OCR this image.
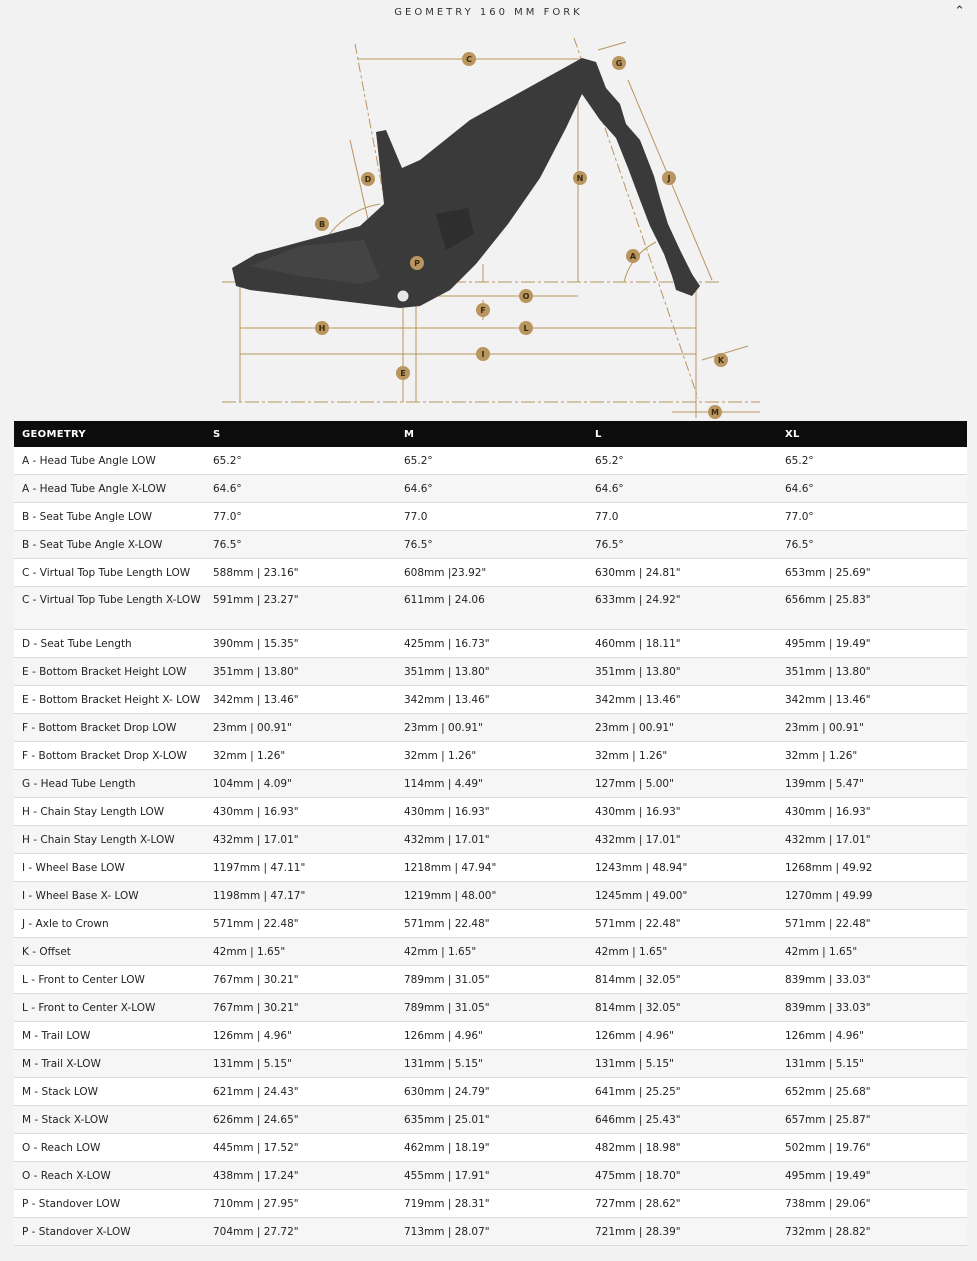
GEOMETRY 160 MM FORK	⌃
C	G
D
B
N	J
P
A
O
F
H	L
I
K
E
M
GEOMETRY	S	M	L	XL
A - Head Tube Angle LOW	65.2°	65.2°	65.2°	65.2°
A - Head Tube Angle X-LOW	64.6°	64.6°	64.6°	64.6°
B - Seat Tube Angle LOW	77.0°	77.0	77.0	77.0°
B - Seat Tube Angle X-LOW	76.5°	76.5°	76.5°	76.5°
C - Virtual Top Tube Length LOW	588mm | 23.16"	608mm |23.92"	630mm | 24.81"	653mm | 25.69"
C - Virtual Top Tube Length X-LOW	591mm | 23.27"	611mm | 24.06	633mm | 24.92"	656mm | 25.83"
D - Seat Tube Length	390mm | 15.35"	425mm | 16.73"	460mm | 18.11"	495mm | 19.49"
E - Bottom Bracket Height LOW	351mm | 13.80"	351mm | 13.80"	351mm | 13.80"	351mm | 13.80"
E - Bottom Bracket Height X- LOW	342mm | 13.46"	342mm | 13.46"	342mm | 13.46"	342mm | 13.46"
F - Bottom Bracket Drop LOW	23mm | 00.91"	23mm | 00.91"	23mm | 00.91"	23mm | 00.91"
F - Bottom Bracket Drop X-LOW	32mm | 1.26"	32mm | 1.26"	32mm | 1.26"	32mm | 1.26"
G - Head Tube Length	104mm | 4.09"	114mm | 4.49"	127mm | 5.00"	139mm | 5.47"
H - Chain Stay Length LOW	430mm | 16.93"	430mm | 16.93"	430mm | 16.93"	430mm | 16.93"
H - Chain Stay Length X-LOW	432mm | 17.01"	432mm | 17.01"	432mm | 17.01"	432mm | 17.01"
I - Wheel Base LOW	1197mm | 47.11"	1218mm | 47.94"	1243mm | 48.94"	1268mm | 49.92
I - Wheel Base X- LOW	1198mm | 47.17"	1219mm | 48.00"	1245mm | 49.00"	1270mm | 49.99
J - Axle to Crown	571mm | 22.48"	571mm | 22.48"	571mm | 22.48"	571mm | 22.48"
K - Offset	42mm | 1.65"	42mm | 1.65"	42mm | 1.65"	42mm | 1.65"
L - Front to Center LOW	767mm | 30.21"	789mm | 31.05"	814mm | 32.05"	839mm | 33.03"
L - Front to Center X-LOW	767mm | 30.21"	789mm | 31.05"	814mm | 32.05"	839mm | 33.03"
M - Trail LOW	126mm | 4.96"	126mm | 4.96"	126mm | 4.96"	126mm | 4.96"
M - Trail X-LOW	131mm | 5.15"	131mm | 5.15"	131mm | 5.15"	131mm | 5.15"
M - Stack LOW	621mm | 24.43"	630mm | 24.79"	641mm | 25.25"	652mm | 25.68"
M - Stack X-LOW	626mm | 24.65"	635mm | 25.01"	646mm | 25.43"	657mm | 25.87"
O - Reach LOW	445mm | 17.52"	462mm | 18.19"	482mm | 18.98"	502mm | 19.76"
O - Reach X-LOW	438mm | 17.24"	455mm | 17.91"	475mm | 18.70"	495mm | 19.49"
P - Standover LOW	710mm | 27.95"	719mm | 28.31"	727mm | 28.62"	738mm | 29.06"
P - Standover X-LOW	704mm | 27.72"	713mm | 28.07"	721mm | 28.39"	732mm | 28.82"
